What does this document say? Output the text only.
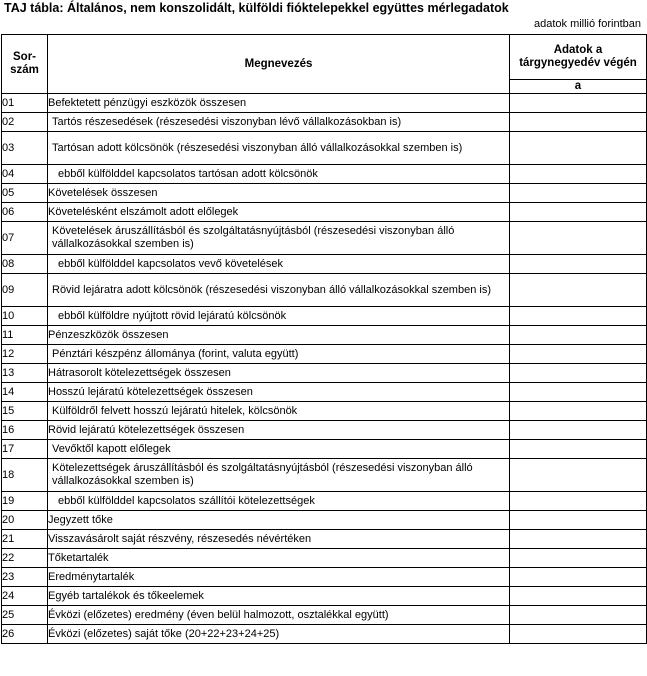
TAJ tábla: Általános, nem konszolidált, külföldi fióktelepekkel együttes mérlegadatok
adatok millió forintban
Sor-
szám	Megnevezés	Adatok a
tárgynegyedév végén
		a
01	Befektetett pénzügyi eszközök összesen	

02	Tartós részesedések (részesedési viszonyban lévő vállalkozásokban is)	

03	Tartósan adott kölcsönök (részesedési viszonyban álló vállalkozásokkal szemben is)	

04	ebből külfölddel kapcsolatos tartósan adott kölcsönök	

05	Követelések összesen	

06	Követelésként elszámolt adott előlegek	

07	Követelések áruszállításból és szolgáltatásnyújtásból (részesedési viszonyban álló vállalkozásokkal szemben is)	

08	ebből külfölddel kapcsolatos vevő követelések	

09	Rövid lejáratra adott kölcsönök (részesedési viszonyban álló vállalkozásokkal szemben is)	

10	ebből külföldre nyújtott rövid lejáratú kölcsönök	

11	Pénzeszközök összesen	

12	Pénztári készpénz állománya (forint, valuta együtt)	

13	Hátrasorolt kötelezettségek összesen	

14	Hosszú lejáratú kötelezettségek összesen	

15	Külföldről felvett hosszú lejáratú hitelek, kölcsönök	

16	Rövid lejáratú kötelezettségek összesen	

17	Vevőktől kapott előlegek	

18	Kötelezettségek áruszállításból és szolgáltatásnyújtásból (részesedési viszonyban álló vállalkozásokkal szemben is)	

19	ebből külfölddel kapcsolatos szállítói kötelezettségek	

20	Jegyzett tőke	

21	Visszavásárolt saját részvény, részesedés névértéken	

22	Tőketartalék	

23	Eredménytartalék	

24	Egyéb tartalékok és tőkeelemek	

25	Évközi (előzetes) eredmény (éven belül halmozott, osztalékkal együtt)	

26	Évközi (előzetes) saját tőke (20+22+23+24+25)	
